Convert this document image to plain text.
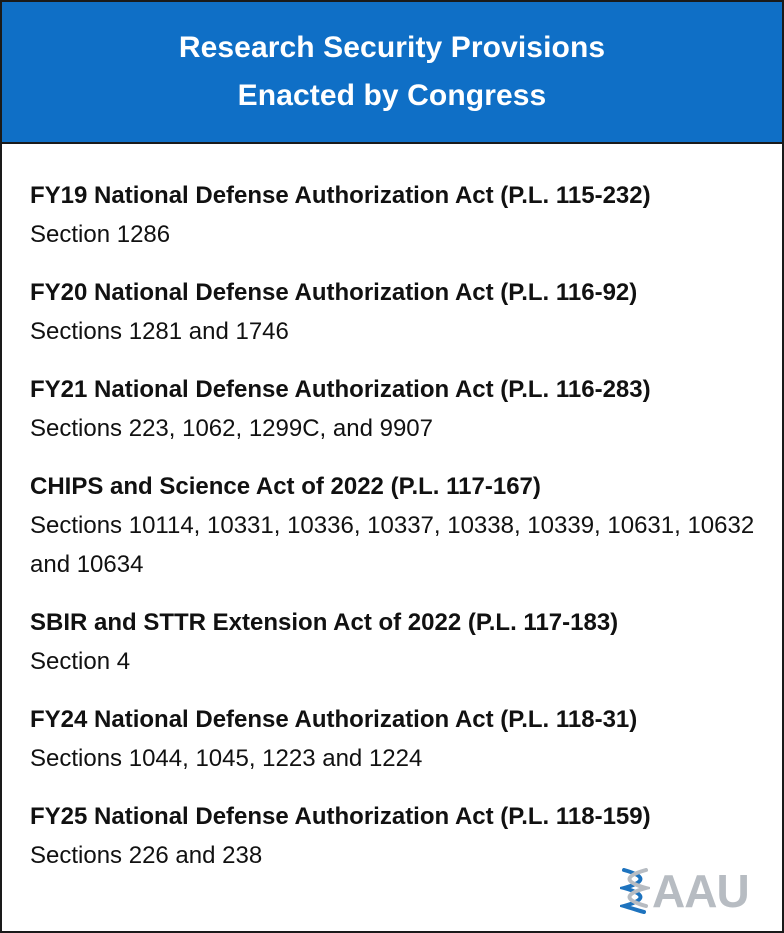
Research Security Provisions
Enacted by Congress
FY19 National Defense Authorization Act (P.L. 115-232)
Section 1286
FY20 National Defense Authorization Act (P.L. 116-92)
Sections 1281 and 1746
FY21 National Defense Authorization Act (P.L. 116-283)
Sections 223, 1062, 1299C, and 9907
CHIPS and Science Act of 2022 (P.L. 117-167)
Sections 10114, 10331, 10336, 10337, 10338, 10339, 10631, 10632 and 10634
SBIR and STTR Extension Act of 2022 (P.L. 117-183)
Section 4
FY24 National Defense Authorization Act (P.L. 118-31)
Sections 1044, 1045, 1223 and 1224
FY25 National Defense Authorization Act (P.L. 118-159)
Sections 226 and 238
AAU
